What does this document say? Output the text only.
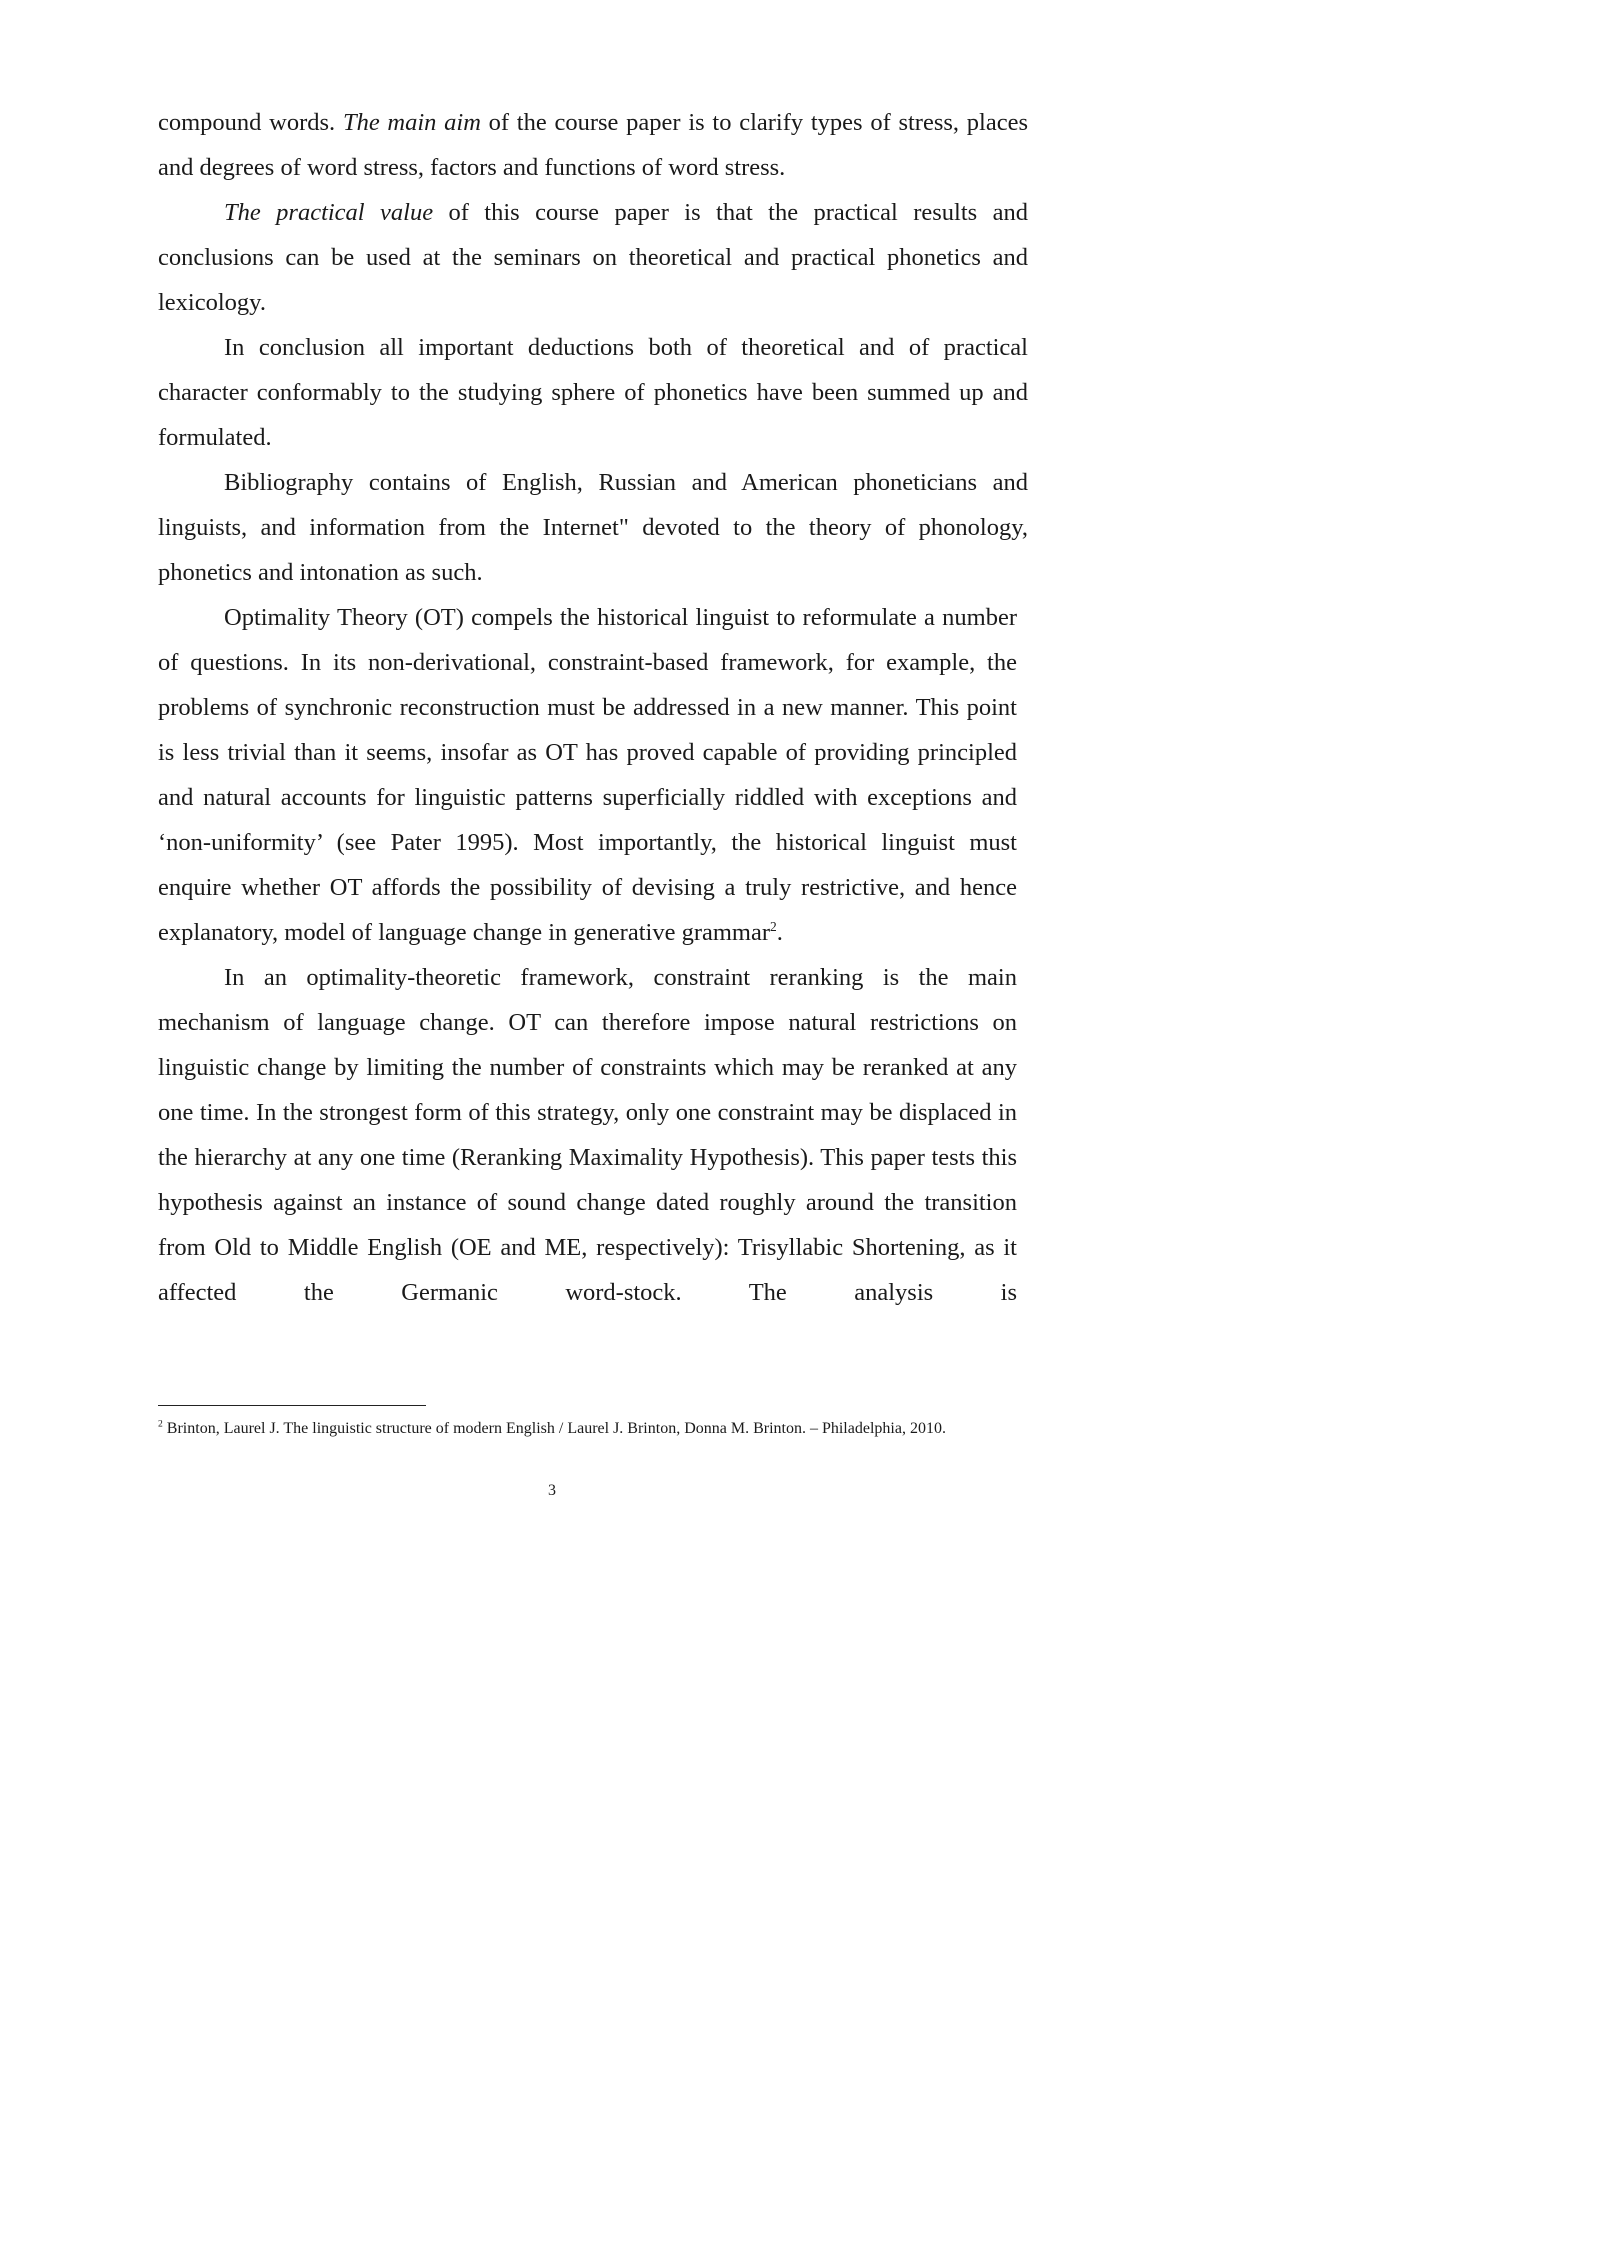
compound words. The main aim of the course paper is to clarify types of stress, places and degrees of word stress, factors and functions of word stress.

The practical value of this course paper is that the practical results and conclusions can be used at the seminars on theoretical and practical phonetics and lexicology.

In conclusion all important deductions both of theoretical and of practical character conformably to the studying sphere of phonetics have been summed up and formulated.

Bibliography contains of English, Russian and American phoneticians and linguists, and information from the Internet" devoted to the theory of phonology, phonetics and intonation as such.

Optimality Theory (OT) compels the historical linguist to reformulate a number of questions. In its non-derivational, constraint-based framework, for example, the problems of synchronic reconstruction must be addressed in a new manner. This point is less trivial than it seems, insofar as OT has proved capable of providing principled and natural accounts for linguistic patterns superficially riddled with exceptions and ‘non-uniformity’ (see Pater 1995). Most importantly, the historical linguist must enquire whether OT affords the possibility of devising a truly restrictive, and hence explanatory, model of language change in generative grammar$^2$.

In an optimality-theoretic framework, constraint reranking is the main mechanism of language change. OT can therefore impose natural restrictions on linguistic change by limiting the number of constraints which may be reranked at any one time. In the strongest form of this strategy, only one constraint may be displaced in the hierarchy at any one time (Reranking Maximality Hypothesis). This paper tests this hypothesis against an instance of sound change dated roughly around the transition from Old to Middle English (OE and ME, respectively): Trisyllabic Shortening, as it affected the Germanic word-stock. The analysis is

$^2$ Brinton, Laurel J. The linguistic structure of modern English / Laurel J. Brinton, Donna M. Brinton. – Philadelphia, 2010.

3
